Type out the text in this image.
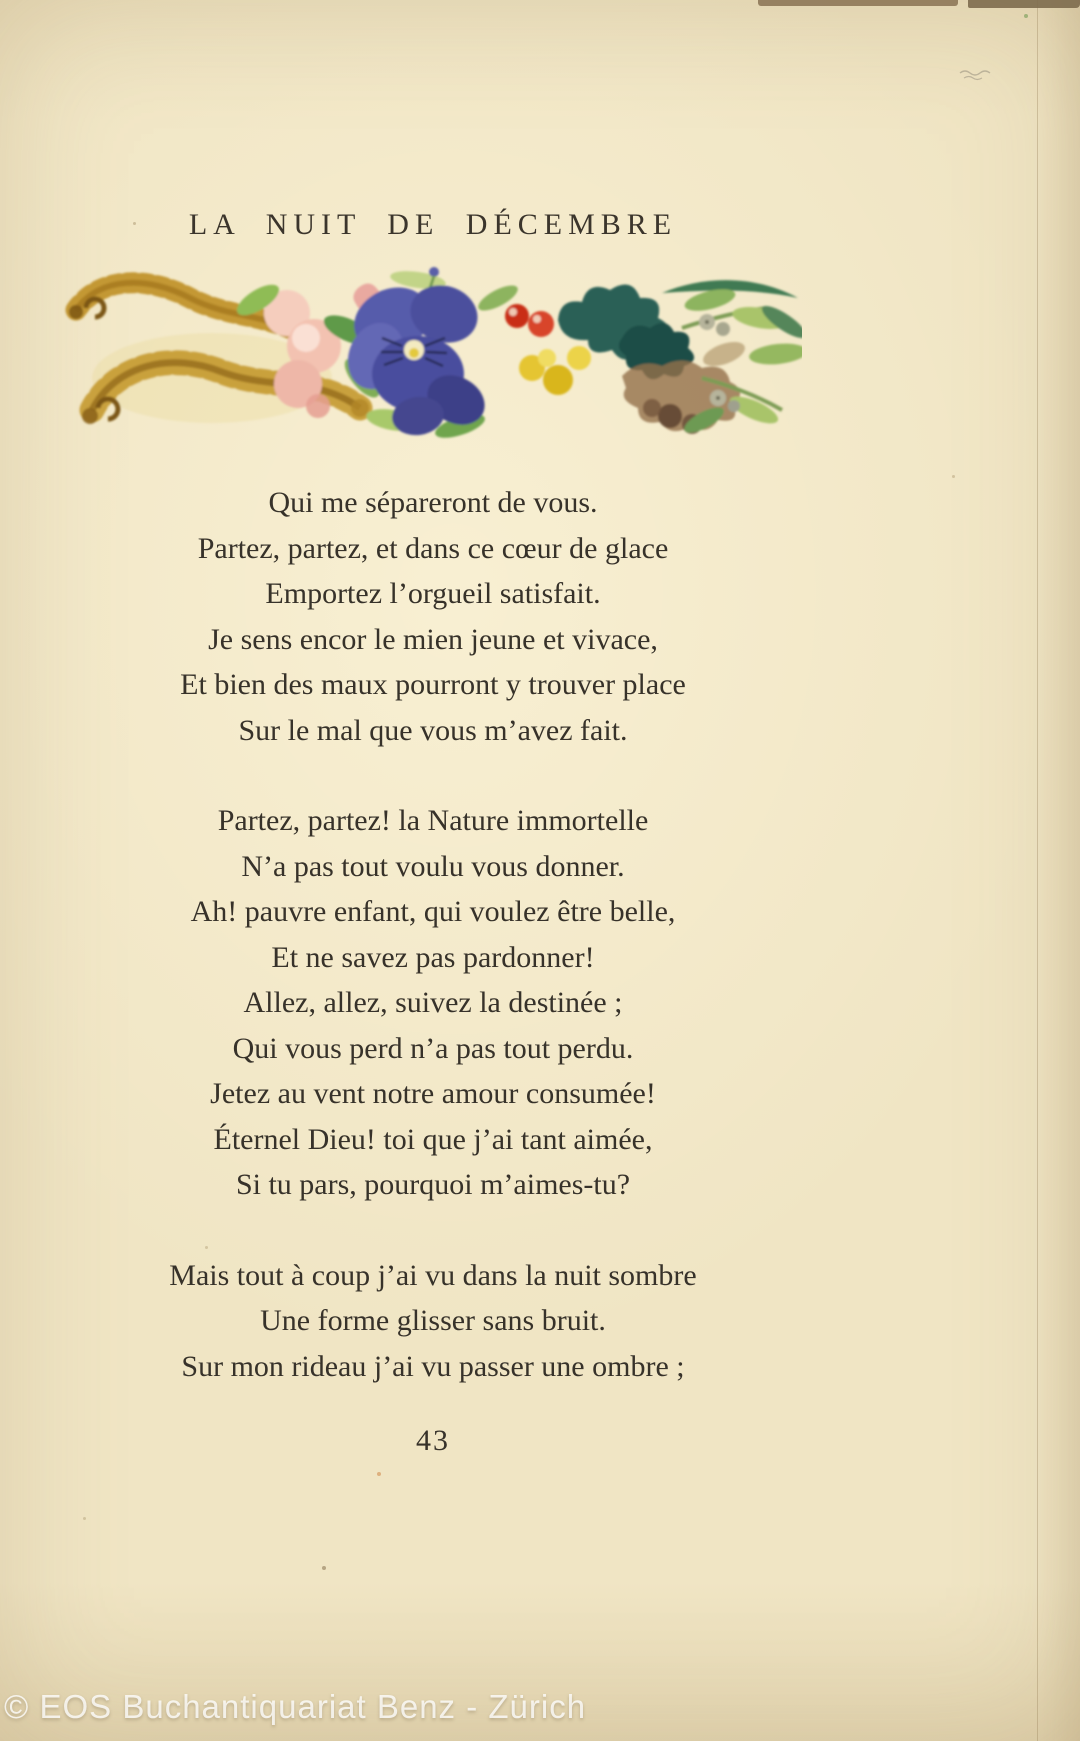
LA NUIT DE DÉCEMBRE
Qui me sépareront de vous.
Partez, partez, et dans ce cœur de glace
Emportez l’orgueil satisfait.
Je sens encor le mien jeune et vivace,
Et bien des maux pourront y trouver place
Sur le mal que vous m’avez fait.
Partez, partez! la Nature immortelle
N’a pas tout voulu vous donner.
Ah! pauvre enfant, qui voulez être belle,
Et ne savez pas pardonner!
Allez, allez, suivez la destinée ;
Qui vous perd n’a pas tout perdu.
Jetez au vent notre amour consumée!
Éternel Dieu! toi que j’ai tant aimée,
Si tu pars, pourquoi m’aimes-tu?
Mais tout à coup j’ai vu dans la nuit sombre
Une forme glisser sans bruit.
Sur mon rideau j’ai vu passer une ombre ;
43
© EOS Buchantiquariat Benz - Zürich
